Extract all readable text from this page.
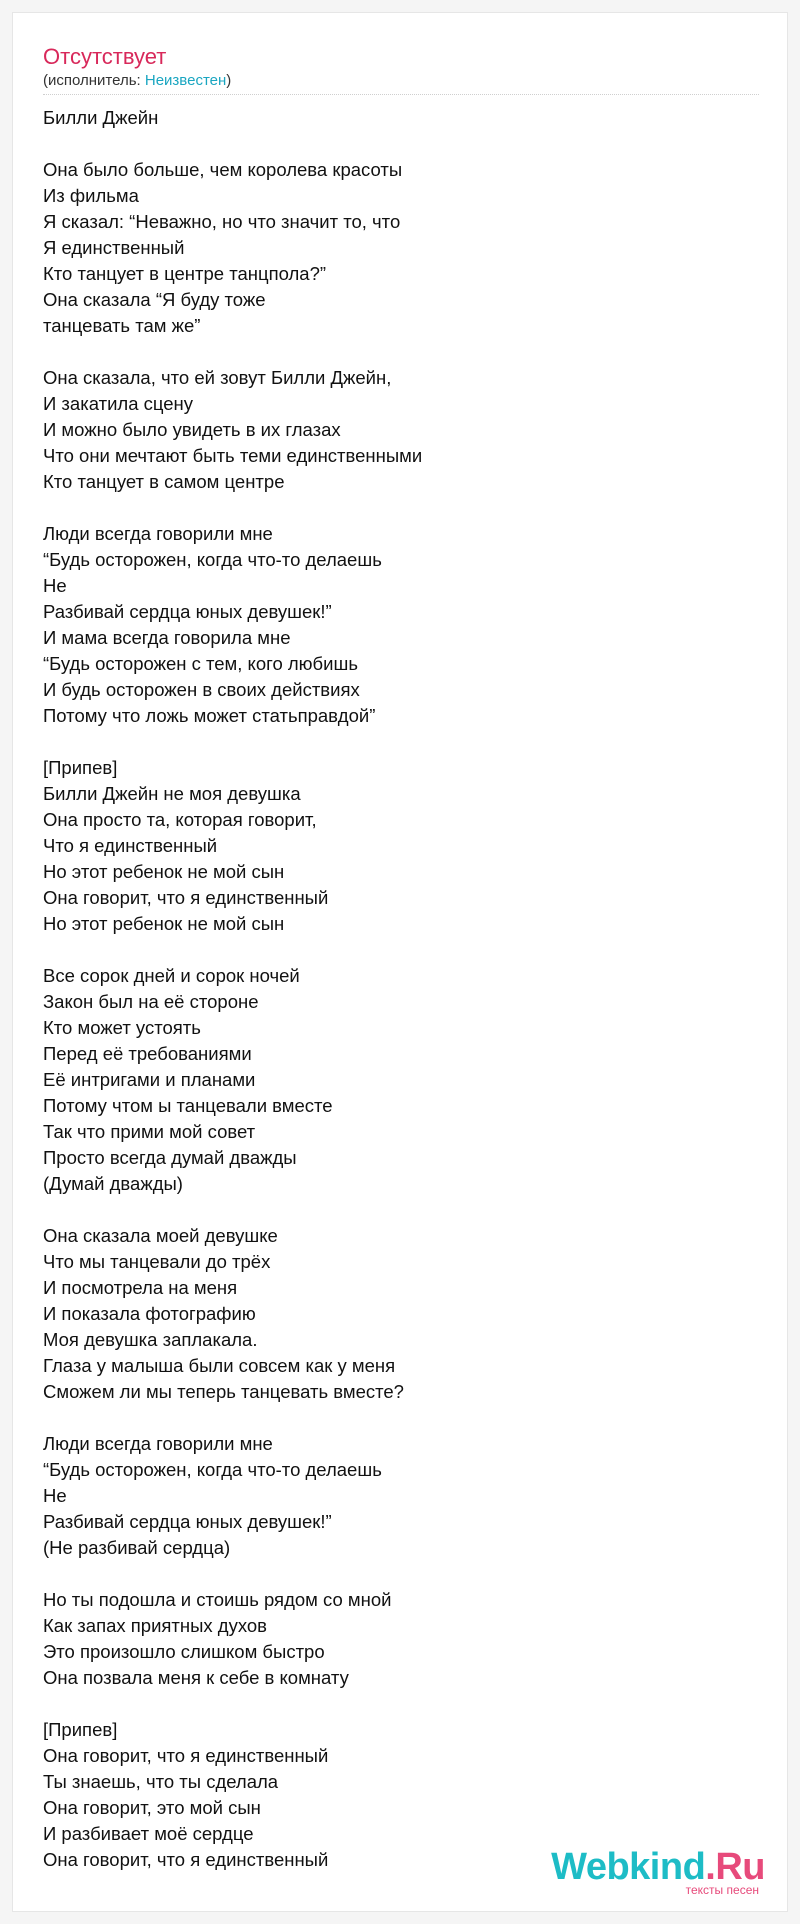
Отсутствует
(исполнитель: Неизвестен)
Билли Джейн
Она было больше, чем королева красоты
Из фильма
Я сказал: “Неважно, но что значит то, что
Я единственный
Кто танцует в центре танцпола?”
Она сказала “Я буду тоже
танцевать там же”
Она сказала, что ей зовут Билли Джейн,
И закатила сцену
И можно было увидеть в их глазах
Что они мечтают быть теми единственными
Кто танцует в самом центре
Люди всегда говорили мне
“Будь осторожен, когда что-то делаешь
Не
Разбивай сердца юных девушек!”
И мама всегда говорила мне
“Будь осторожен с тем, кого любишь
И будь осторожен в своих действиях
Потому что ложь может статьправдой”
[Припев]
Билли Джейн не моя девушка
Она просто та, которая говорит,
Что я единственный
Но этот ребенок не мой сын
Она говорит, что я единственный
Но этот ребенок не мой сын
Все сорок дней и сорок ночей
Закон был на её стороне
Кто может устоять
Перед её требованиями
Её интригами и планами
Потому чтом ы танцевали вместе
Так что прими мой совет
Просто всегда думай дважды
(Думай дважды)
Она сказала моей девушке
Что мы танцевали до трёх
И посмотрела на меня
И показала фотографию
Моя девушка заплакала.
Глаза у малыша были совсем как у меня
Сможем ли мы теперь танцевать вместе?
Люди всегда говорили мне
“Будь осторожен, когда что-то делаешь
Не
Разбивай сердца юных девушек!”
(Не разбивай сердца)
Но ты подошла и стоишь рядом со мной
Как запах приятных духов
Это произошло слишком быстро
Она позвала меня к себе в комнату
[Припев]
Она говорит, что я единственный
Ты знаешь, что ты сделала
Она говорит, это мой сын
И разбивает моё сердце
Она говорит, что я единственный	Webkind.Ru
тексты песен
